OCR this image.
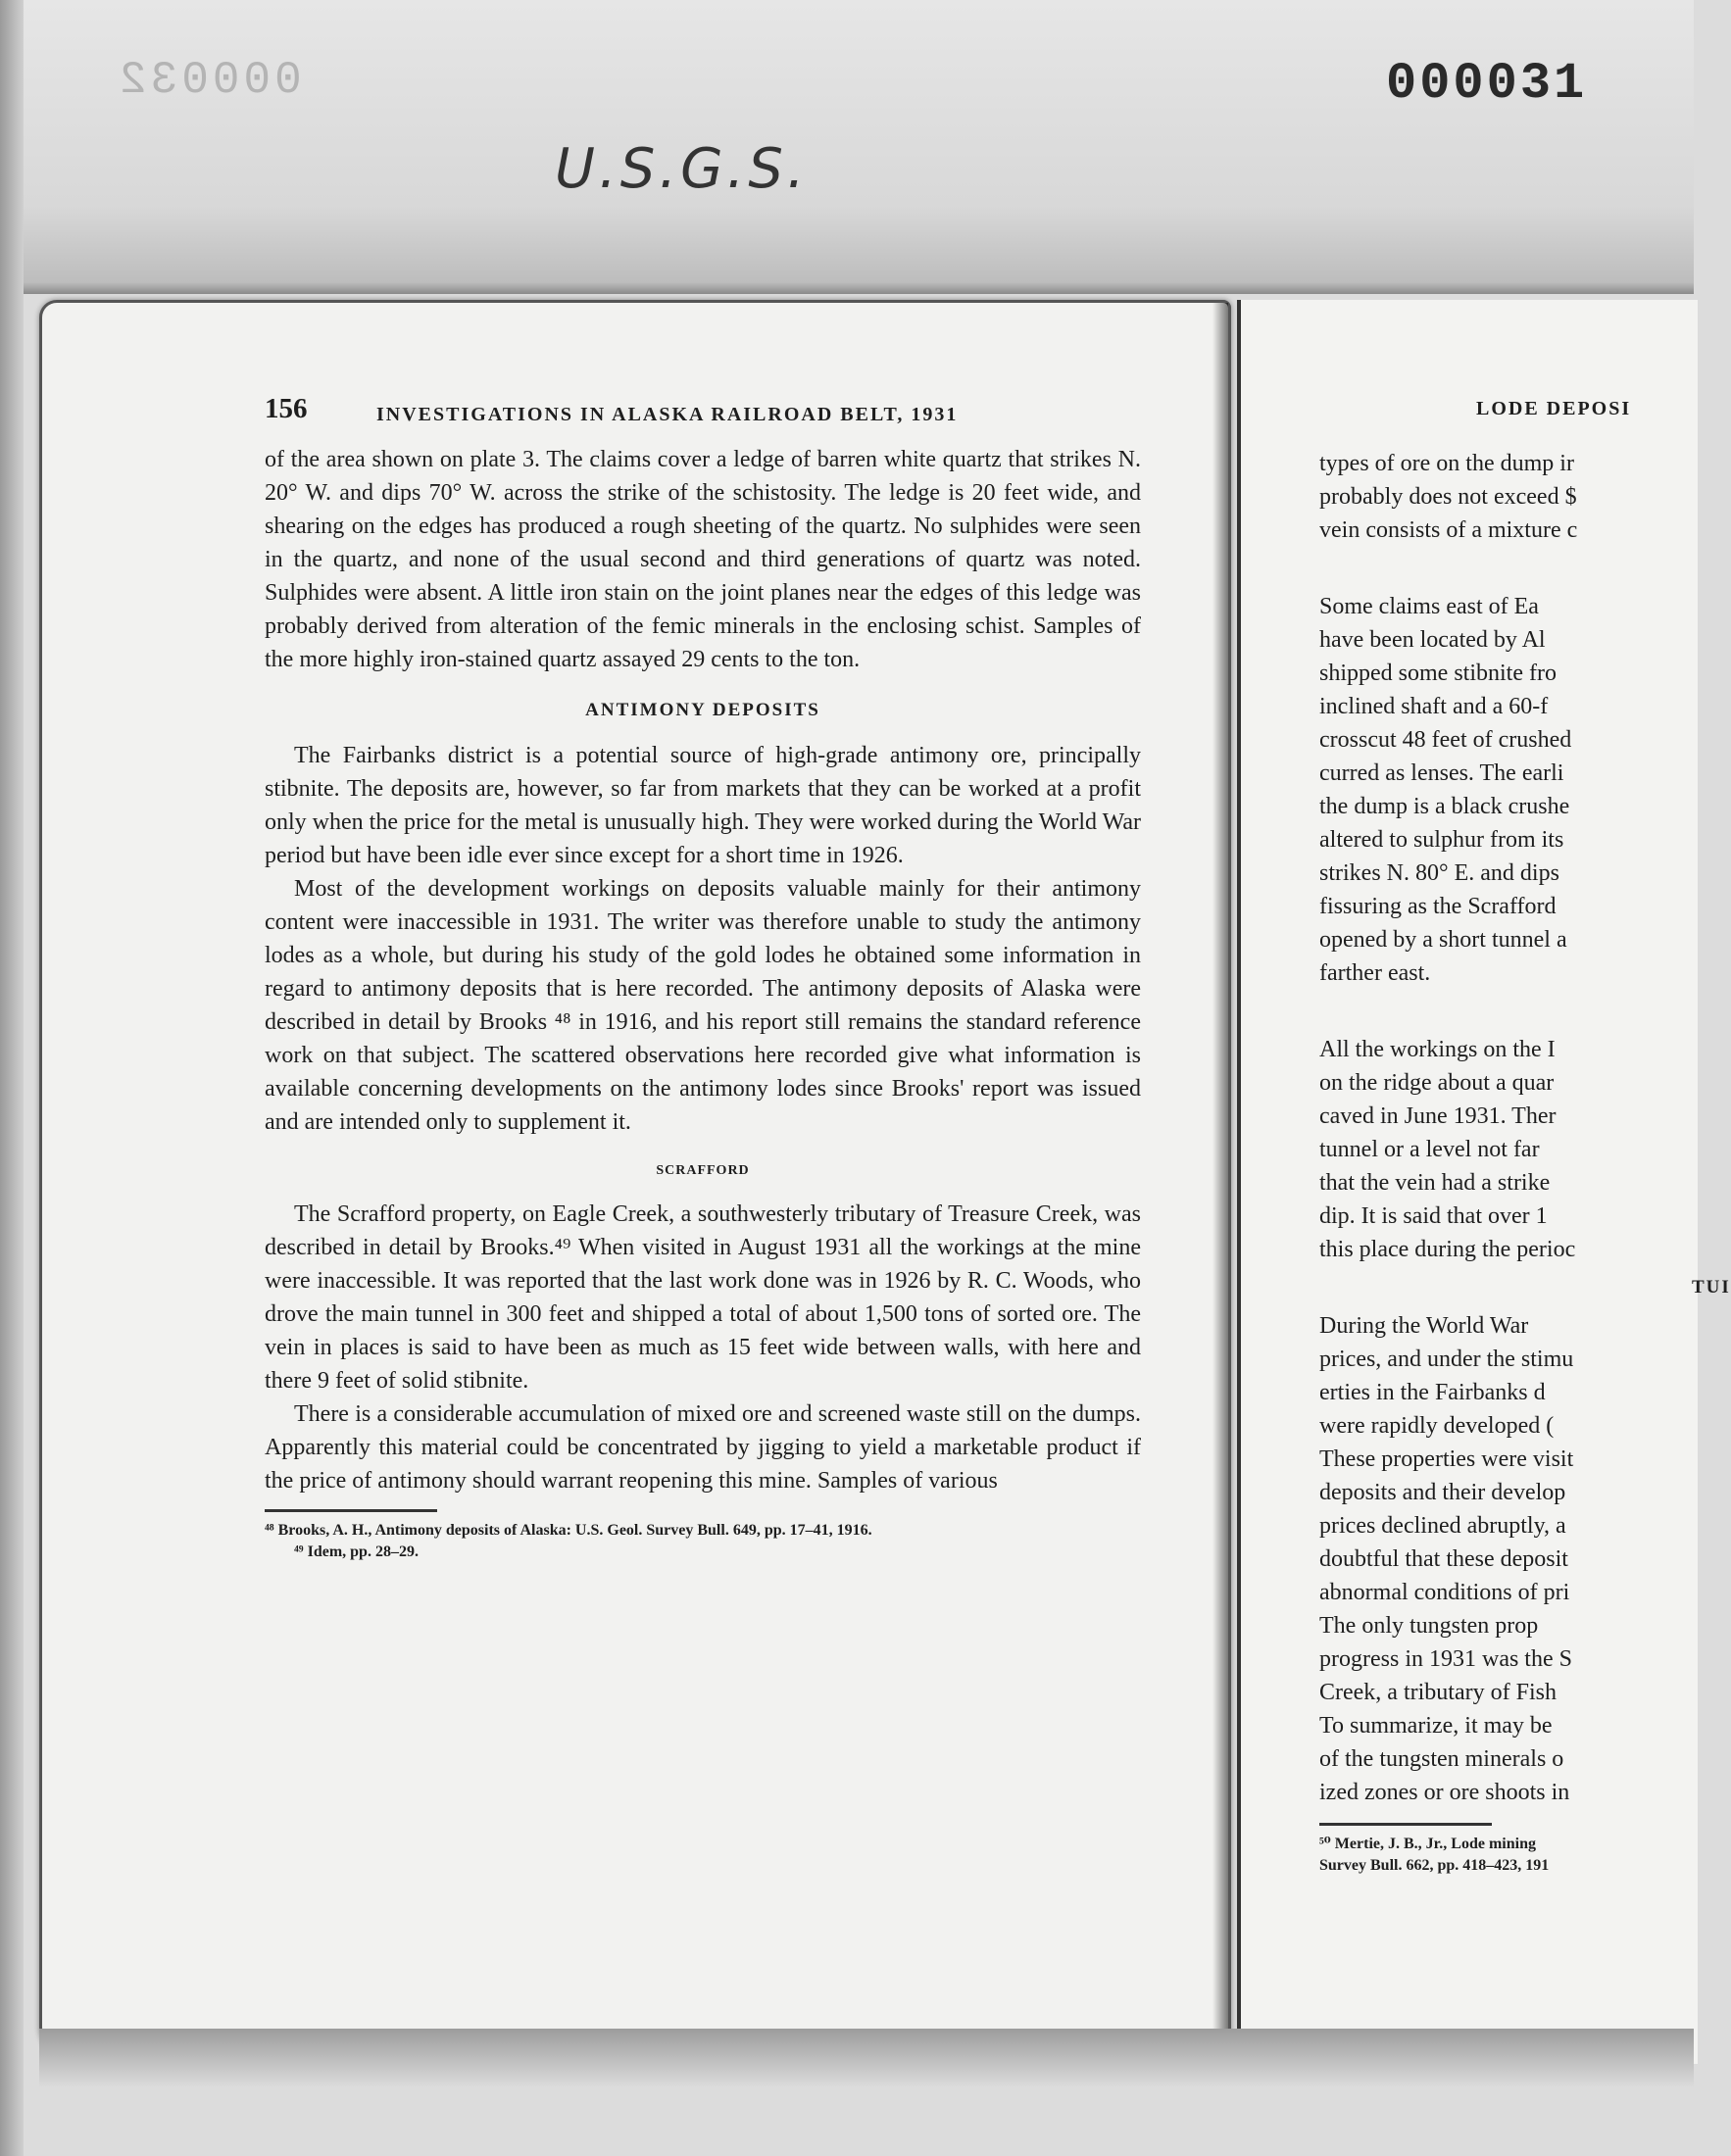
000032	000031
U.S.G.S.
LODE DEPOSI
types of ore on the dump ir
probably does not exceed $
vein consists of a mixture c
Some claims east of Ea
have been located by Al
shipped some stibnite fro
inclined shaft and a 60-f
crosscut 48 feet of crushed
curred as lenses. The earli
the dump is a black crushe
altered to sulphur from its
strikes N. 80° E. and dips
fissuring as the Scrafford
opened by a short tunnel a
farther east.
All the workings on the I
on the ridge about a quar
caved in June 1931. Ther
tunnel or a level not far
that the vein had a strike
dip. It is said that over 1
this place during the perioc
TUI
During the World War
prices, and under the stimu
erties in the Fairbanks d
were rapidly developed (
These properties were visit
deposits and their develop
prices declined abruptly, a
doubtful that these deposit
abnormal conditions of pri
The only tungsten prop
progress in 1931 was the S
Creek, a tributary of Fish
To summarize, it may be
of the tungsten minerals o
ized zones or ore shoots in
⁵⁰ Mertie, J. B., Jr., Lode mining
Survey Bull. 662, pp. 418–423, 191
156	INVESTIGATIONS IN ALASKA RAILROAD BELT, 1931

of the area shown on plate 3. The claims cover a ledge of barren white quartz that strikes N. 20° W. and dips 70° W. across the strike of the schistosity. The ledge is 20 feet wide, and shearing on the edges has produced a rough sheeting of the quartz. No sulphides were seen in the quartz, and none of the usual second and third generations of quartz was noted. Sulphides were absent. A little iron stain on the joint planes near the edges of this ledge was probably derived from alteration of the femic minerals in the enclosing schist. Samples of the more highly iron-stained quartz assayed 29 cents to the ton.

ANTIMONY DEPOSITS

The Fairbanks district is a potential source of high-grade antimony ore, principally stibnite. The deposits are, however, so far from markets that they can be worked at a profit only when the price for the metal is unusually high. They were worked during the World War period but have been idle ever since except for a short time in 1926.

Most of the development workings on deposits valuable mainly for their antimony content were inaccessible in 1931. The writer was therefore unable to study the antimony lodes as a whole, but during his study of the gold lodes he obtained some information in regard to antimony deposits that is here recorded. The antimony deposits of Alaska were described in detail by Brooks ⁴⁸ in 1916, and his report still remains the standard reference work on that subject. The scattered observations here recorded give what information is available concerning developments on the antimony lodes since Brooks' report was issued and are intended only to supplement it.

SCRAFFORD

The Scrafford property, on Eagle Creek, a southwesterly tributary of Treasure Creek, was described in detail by Brooks.⁴⁹ When visited in August 1931 all the workings at the mine were inaccessible. It was reported that the last work done was in 1926 by R. C. Woods, who drove the main tunnel in 300 feet and shipped a total of about 1,500 tons of sorted ore. The vein in places is said to have been as much as 15 feet wide between walls, with here and there 9 feet of solid stibnite.

There is a considerable accumulation of mixed ore and screened waste still on the dumps. Apparently this material could be concentrated by jigging to yield a marketable product if the price of antimony should warrant reopening this mine. Samples of various

⁴⁸ Brooks, A. H., Antimony deposits of Alaska: U.S. Geol. Survey Bull. 649, pp. 17–41, 1916.

⁴⁹ Idem, pp. 28–29.
